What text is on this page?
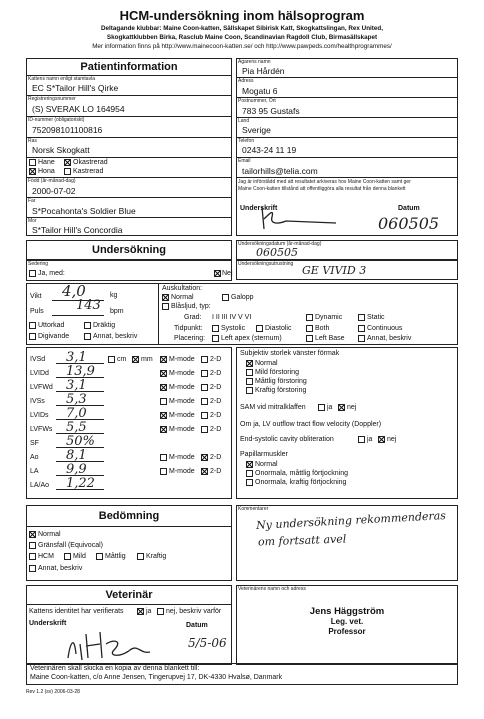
HCM-undersökning inom hälsoprogram
Deltagande klubbar: Maine Coon-katten, Sällskapet Sibirisk Katt, Skogkattslingan, Rex United,
Skogkattklubben Birka, Rasclub Maine Coon, Scandinavian Ragdoll Club, Birmasällskapet
Mer information finns på http://www.mainecoon-katten.se/ och http://www.pawpeds.com/healthprogrammes/
Patientinformation
Kattens namn enligt stamtavla
EC S*Tailor Hill's Qirke
Registreringsnummer
(S) SVERAK LO 164954
ID-nummer (obligatoriskt)
752098101100816
Ras
Norsk Skogkatt
Hane	Okastrerad
Hona	Kastrerad
Född (år-månad-dag)
2000-07-02
Far
S*Pocahonta's Soldier Blue
Mor
S*Tailor Hill's Concordia
Ägarens namn
Pia Hårdén
Adress
Mogatu 6
Postnummer, Ort
783 95 Gustafs
Land
Sverige
Telefon
0243-24 11 19
Email
tailorhills@telia.com
Jag är införstådd med att resultatet arkiveras hos Maine Coon-katten samt ger
Maine Coon-katten tillstånd att offentliggöra alla resultat från denna blankett
Underskrift	Datum
060505
Undersökning	Undersökningsdatum (år-månad-dag)
060505
Undersökningsutrustning GE VIVID 3
Sedering
Ja, med:	Nej
Vikt 4,0	kg
Puls 143 bpm
Uttorkad	Dräktig
Digivande	Annat, beskriv
Auskultation:
Normal	Galopp
Blåsljud, typ:
Grad: I II III IV V VI	Dynamic	Static
Tidpunkt:	Systolic	Diastolic	Both	Continuous
Placering: Left apex (sternum)	Left Base	Annat, beskriv
IVSd 3,1	cm mm M-mode 2-D
LVIDd 13,9	M-mode 2-D
LVFWd 3,1	M-mode 2-D
IVSs 5,3	M-mode 2-D
LVIDs 7,0	M-mode 2-D
LVFWs 5,5	M-mode 2-D
SF 50%
Ao 8,1	M-mode 2-D
LA 9,9	M-mode 2-D
LA/Ao 1,22
Subjektiv storlek vänster förmak
Normal
Mild förstoring
Måttlig förstoring
Kraftig förstoring
SAM vid mitralklaffen	ja nej
Om ja, LV outflow tract flow velocity (Doppler)
End-systolic cavity obliteration	ja nej
Papillarmuskler
Normal
Onormala, måttlig förtjockning
Onormala, kraftig förtjockning
Bedömning
Normal
Gränsfall (Equivocal)
HCM	Mild	Måttlig	Kraftig
Annat, beskriv
Kommentarer
Ny undersökning rekommenderas
om fortsatt avel
Veterinär
Kattens identitet har verifierats	ja nej, beskriv varför
Underskrift	Datum
5/5-06
Veterinärens namn och adress
Jens Häggström
Leg. vet.
Professor
Veterinären skall skicka en kopia av denna blankett till:
Maine Coon-katten, c/o Anne Jensen, Tingerupvej 17, DK-4330 Hvalsø, Danmark
Rev 1.2 (sv) 2006-03-28
